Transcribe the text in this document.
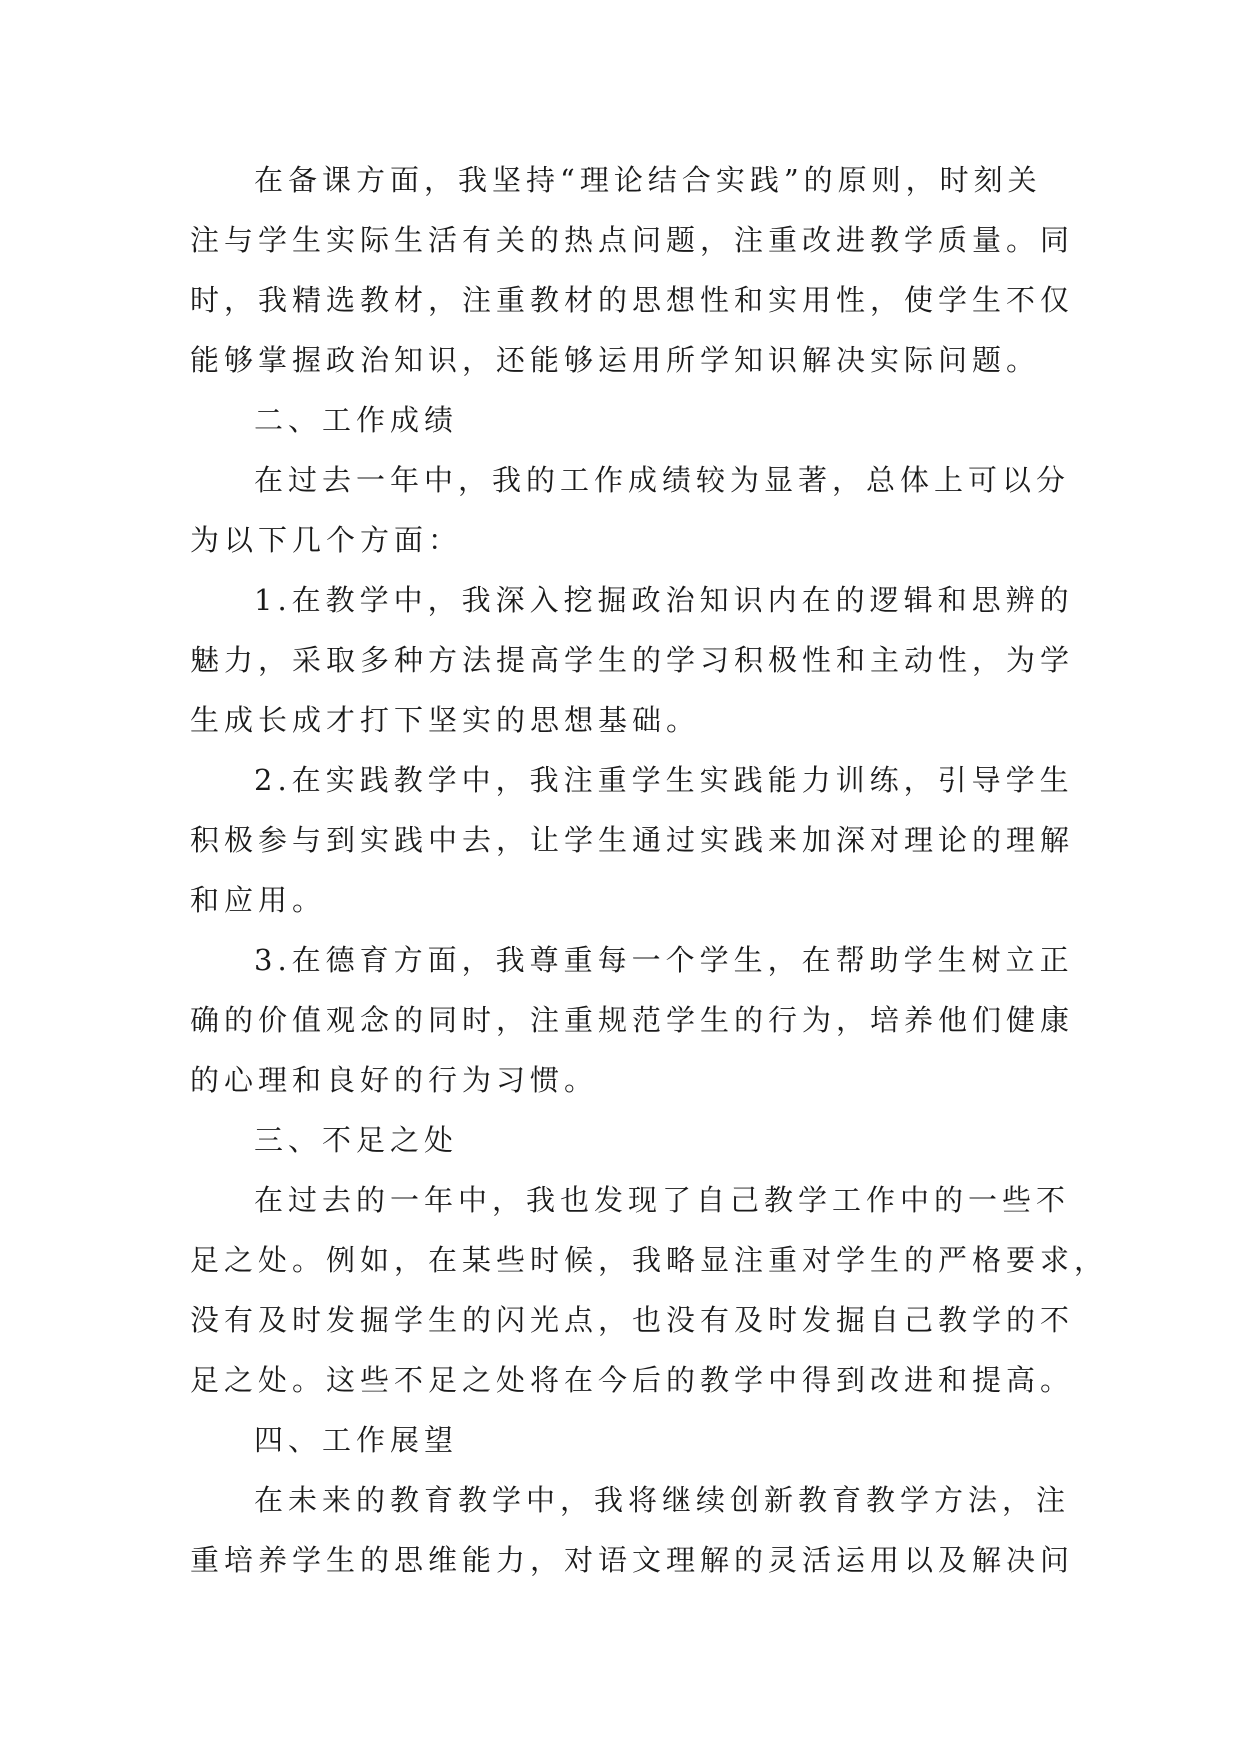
在备课方面，我坚持“理论结合实践”的原则，时刻关
注与学生实际生活有关的热点问题，注重改进教学质量。同
时，我精选教材，注重教材的思想性和实用性，使学生不仅
能够掌握政治知识，还能够运用所学知识解决实际问题。
二、工作成绩
在过去一年中，我的工作成绩较为显著，总体上可以分
为以下几个方面：
1.在教学中，我深入挖掘政治知识内在的逻辑和思辨的
魅力，采取多种方法提高学生的学习积极性和主动性，为学
生成长成才打下坚实的思想基础。
2.在实践教学中，我注重学生实践能力训练，引导学生
积极参与到实践中去，让学生通过实践来加深对理论的理解
和应用。
3.在德育方面，我尊重每一个学生，在帮助学生树立正
确的价值观念的同时，注重规范学生的行为，培养他们健康
的心理和良好的行为习惯。
三、不足之处
在过去的一年中，我也发现了自己教学工作中的一些不
足之处。例如，在某些时候，我略显注重对学生的严格要求，
没有及时发掘学生的闪光点，也没有及时发掘自己教学的不
足之处。这些不足之处将在今后的教学中得到改进和提高。
四、工作展望
在未来的教育教学中，我将继续创新教育教学方法，注
重培养学生的思维能力，对语文理解的灵活运用以及解决问
